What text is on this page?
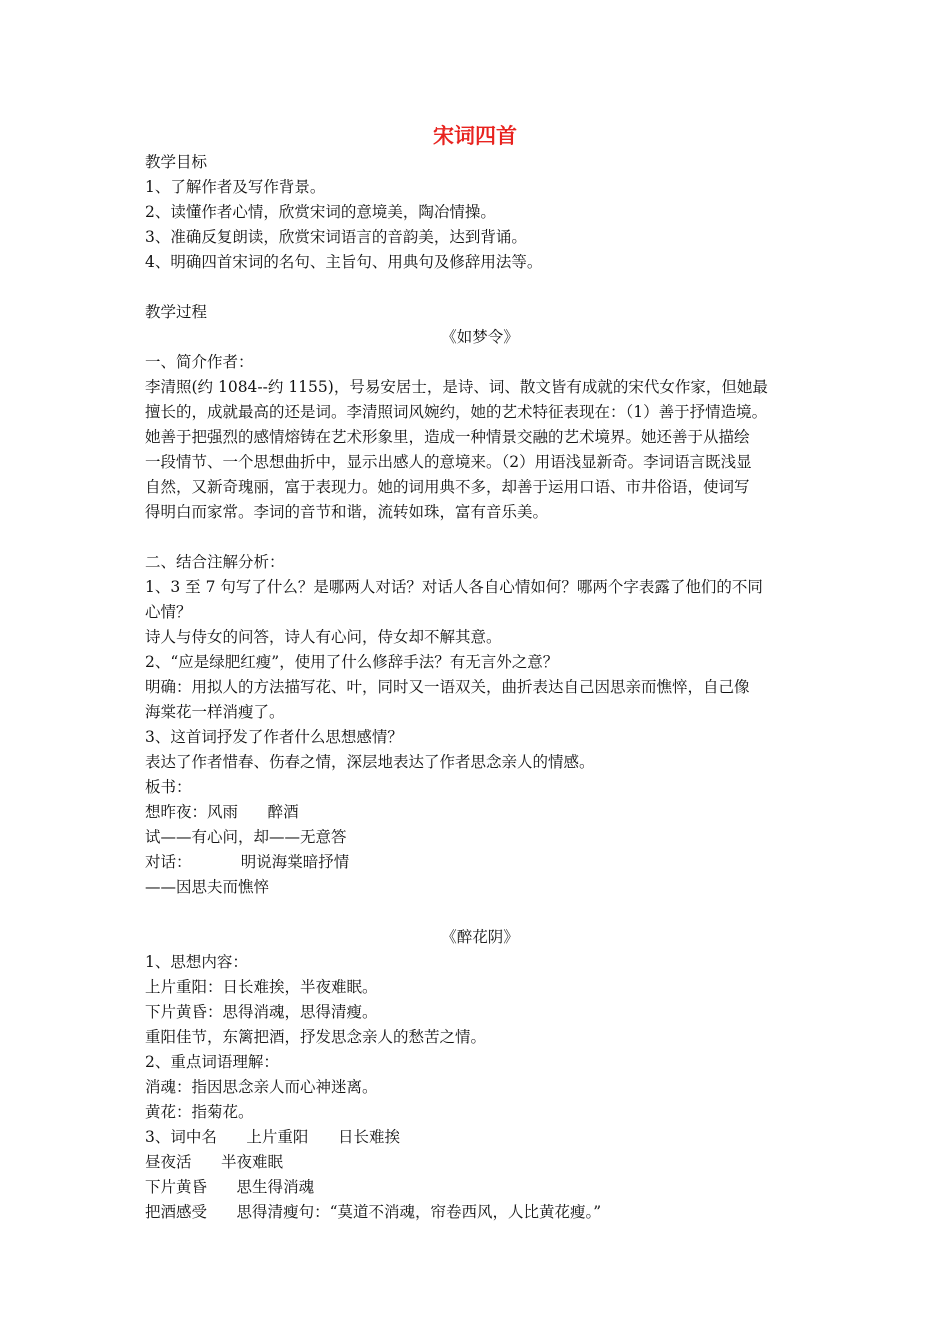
宋词四首

教学目标

1、了解作者及写作背景。

2、读懂作者心情，欣赏宋词的意境美，陶冶情操。

3、准确反复朗读，欣赏宋词语言的音韵美，达到背诵。

4、明确四首宋词的名句、主旨句、用典句及修辞用法等。

教学过程

《如梦令》

一、简介作者：

李清照(约 1084--约 1155)，号易安居士，是诗、词、散文皆有成就的宋代女作家，但她最

擅长的，成就最高的还是词。李清照词风婉约，她的艺术特征表现在：（1）善于抒情造境。

她善于把强烈的感情熔铸在艺术形象里，造成一种情景交融的艺术境界。她还善于从描绘

一段情节、一个思想曲折中，显示出感人的意境来。（2）用语浅显新奇。李词语言既浅显

自然，又新奇瑰丽，富于表现力。她的词用典不多，却善于运用口语、市井俗语，使词写

得明白而家常。李词的音节和谐，流转如珠，富有音乐美。

二、结合注解分析：

1、3 至 7 句写了什么？是哪两人对话？对话人各自心情如何？哪两个字表露了他们的不同

心情？

诗人与侍女的问答，诗人有心问，侍女却不解其意。

2、“应是绿肥红瘦”，使用了什么修辞手法？有无言外之意？

明确：用拟人的方法描写花、叶，同时又一语双关，曲折表达自己因思亲而憔悴，自己像

海棠花一样消瘦了。

3、这首词抒发了作者什么思想感情？

表达了作者惜春、伤春之情，深层地表达了作者思念亲人的情感。

板书：

想昨夜：风雨      醉酒

试——有心问，却——无意答

对话：          明说海棠暗抒情

——因思夫而憔悴

《醉花阴》

1、思想内容：

上片重阳：日长难挨，半夜难眠。

下片黄昏：思得消魂，思得清瘦。

重阳佳节，东篱把酒，抒发思念亲人的愁苦之情。

2、重点词语理解：

消魂：指因思念亲人而心神迷离。

黄花：指菊花。

3、词中名      上片重阳      日长难挨

昼夜活      半夜难眠

下片黄昏      思生得消魂

把酒感受      思得清瘦句：“莫道不消魂，帘卷西风，人比黄花瘦。”
